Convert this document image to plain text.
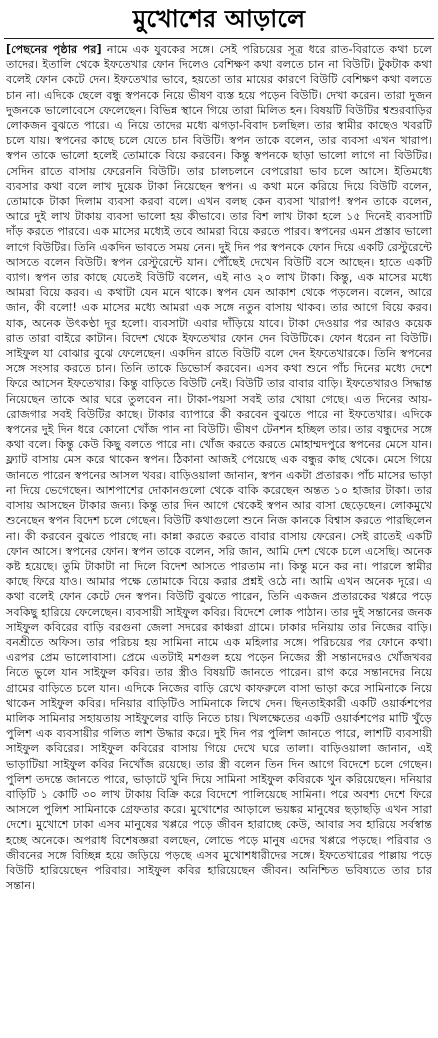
মুখোশের আড়ালে
[পেছনের পৃষ্ঠার পর] নামে এক যুবকের সঙ্গে। সেই পরিচয়ের সূত্র ধরে রাত-বিরাতে কথা চলে তাদের। ইতালি থেকে ইফতেখার ফোন দিলেও বেশিক্ষণ কথা বলতে চান না বিউটি। টুকটাক কথা বলেই ফোন কেটে দেন। ইফতেখার ভাবে, হয়তো তার মায়ের কারণে বিউটি বেশিক্ষণ কথা বলতে চান না। এদিকে ছেলে বন্ধু স্বপনকে নিয়ে ভীষণ ব্যস্ত হয়ে পড়েন বিউটি। দেখা করেন। তারা দুজন দুজনকে ভালোবেসে ফেলেছেন। বিভিন্ন স্থানে গিয়ে তারা মিলিত হন। বিষয়টি বিউটির শ্বশুরবাড়ির লোকজন বুঝতে পারে। এ নিয়ে তাদের মধ্যে ঝগড়া-বিবাদ চলছিল। তার স্বামীর কাছেও খবরটি চলে যায়। স্বপনের কাছে চলে যেতে চান বিউটি। স্বপন তাকে বলেন, তার ব্যবসা এখন খারাপ। স্বপন তাকে ভালো হলেই তোমাকে বিয়ে করবেন। কিন্তু স্বপনকে ছাড়া ভালো লাগে না বিউটির। সেদিন রাতে বাসায় ফেরেননি বিউটি। তার চালচলনে বেপরোয়া ভাব চলে আসে। ইতিমধ্যে ব্যবসার কথা বলে লাখ দুয়েক টাকা নিয়েছেন স্বপন। এ কথা মনে করিয়ে দিয়ে বিউটি বলেন, তোমাকে টাকা দিলাম ব্যবসা করবা বলে। এখন বলছ কেন ব্যবসা খারাপ! স্বপন তাকে বলেন, আরে দুই লাখ টাকায় ব্যবসা ভালো হয় কীভাবে। তার বিশ লাখ টাকা হলে ১৫ দিনেই ব্যবসাটি দাঁড় করতে পারবে। এক মাসের মধ্যেই তবে আমরা বিয়ে করতে পারব। স্বপনের এমন প্রস্তাব ভালো লাগে বিউটির। তিনি একদিন ভাবতে সময় নেন। দুই দিন পর স্বপনকে ফোন দিয়ে একটি রেস্টুরেন্টে আসতে বলেন বিউটি। স্বপন রেস্টুরেন্টে যান। পৌঁছেই দেখেন বিউটি বসে আছেন। হাতে একটি ব্যাগ। স্বপন তার কাছে যেতেই বিউটি বলেন, এই নাও ২০ লাখ টাকা। কিন্তু, এক মাসের মধ্যে আমরা বিয়ে করব। এ কথাটা যেন মনে থাকে। স্বপন যেন আকাশ থেকে পড়লেন। বলেন, আরে জান, কী বলো! এক মাসের মধ্যে আমরা এক সঙ্গে নতুন বাসায় থাকব। তার আগে বিয়ে করব। যাক, অনেক উৎকণ্ঠা দূর হলো। ব্যবসাটা এবার দাঁড়িয়ে যাবে। টাকা দেওয়ার পর আরও কয়েক রাত তারা বাইরে কাটান। বিদেশ থেকে ইফতেখার ফোন দেন বিউটিকে। ফোন ধরেন না বিউটি। সাইফুল যা বোঝার বুঝে ফেলেছেন। একদিন রাতে বিউটি বলে দেন ইফতেখারকে। তিনি স্বপনের সঙ্গে সংসার করতে চান। তিনি তাকে ডিভোর্স করবেন। এসব কথা শুনে পাঁচ দিনের মধ্যে দেশে ফিরে আসেন ইফতেখার। কিন্তু বাড়িতে বিউটি নেই। বিউটি তার বাবার বাড়ি। ইফতেখারও সিদ্ধান্ত নিয়েছেন তাকে আর ঘরে তুলবেন না। টাকা-পয়সা সবই তার খোয়া গেছে। এত দিনের আয়-রোজগার সবই বিউটির কাছে। টাকার ব্যাপারে কী করবেন বুঝতে পারে না ইফতেখার। এদিকে স্বপনের দুই দিন ধরে কোনো খোঁজ পান না বিউটি। ভীষণ টেনশন হচ্ছিল তার। তার বন্ধুদের সঙ্গে কথা বলে। কিন্তু কেউ কিছু বলতে পারে না। খোঁজ করতে করতে মোহাম্মদপুরে স্বপনের মেসে যান। ফ্ল্যাট বাসায় মেস করে থাকেন স্বপন। ঠিকানা আজই পেয়েছে এক বন্ধুর কাছ থেকে। মেসে গিয়ে জানতে পারেন স্বপনের আসল খবর। বাড়িওয়ালা জানান, স্বপন একটা প্রতারক। পাঁচ মাসের ভাড়া না দিয়ে ভেগেছেন। আশপাশের দোকানগুলো থেকে বাকি করেছেন অন্তত ১০ হাজার টাকা। তার বাসায় আসছেন টাকার জন্য। কিন্তু তার দিন আগে থেকেই স্বপন আর বাসা ছেড়েছেন। লোকমুখে শুনেছেন স্বপন বিদেশ চলে গেছেন। বিউটি কথাগুলো শুনে নিজ কানকে বিশ্বাস করতে পারছিলেন না। কী করবেন বুঝতে পারছে না। কান্না করতে করতে বাবার বাসায় ফেরেন। সেই রাতেই একটি ফোন আসে। স্বপনের ফোন। স্বপন তাকে বলেন, সরি জান, আমি দেশ থেকে চলে এসেছি। অনেক কষ্ট হয়েছে। তুমি টাকাটা না দিলে বিদেশ আসতে পারতাম না। কিন্তু মনে কর না। পারলে স্বামীর কাছে ফিরে যাও। আমার পক্ষে তোমাকে বিয়ে করার প্রশ্নই ওঠে না। আমি এখন অনেক দূরে। এ কথা বলেই ফোন কেটে দেন স্বপন। বিউটি বুঝতে পারেন, তিনি একজন প্রতারকের খপ্পরে পড়ে সবকিছু হারিয়ে ফেলেছেন। ব্যবসায়ী সাইফুল কবির। বিদেশে লোক পাঠান। তার দুই সন্তানের জনক সাইফুল কবিরের বাড়ি বরগুনা জেলা সদরের কাঞ্চরা গ্রামে। ঢাকার দনিয়ায় তার নিজের বাড়ি। বনশ্রীতে অফিস। তার পরিচয় হয় সামিনা নামে এক মহিলার সঙ্গে। পরিচয়ের পর ফোনে কথা। এরপর প্রেম ভালোবাসা। প্রেমে এতটাই মশগুল হয়ে পড়েন নিজের স্ত্রী সন্তানদেরও খোঁজখবর নিতে ভুলে যান সাইফুল কবির। তার স্ত্রীও বিষয়টি জানতে পারেন। রাগ করে সন্তানদের নিয়ে গ্রামের বাড়িতে চলে যান। এদিকে নিজের বাড়ি রেখে কাফরুলে বাসা ভাড়া করে সামিনাকে নিয়ে থাকেন সাইফুল কবির। দনিয়ার বাড়িটিও সামিনাকে লিখে দেন। ছিনতাইকারী একটি ওয়ার্কশপের মালিক সামিনার সহায়তায় সাইফুলের বাড়ি নিতে চায়। খিলক্ষেতের একটি ওয়ার্কশপের মাটি খুঁড়ে পুলিশ এক ব্যবসায়ীর গলিত লাশ উদ্ধার করে। দুই দিন পর পুলিশ জানতে পারে, লাশটি ব্যবসায়ী সাইফুল কবিরের। সাইফুল কবিরের বাসায় গিয়ে দেখে ঘরে তালা। বাড়িওয়ালা জানান, এই ভাড়াটিয়া সাইফুল কবির নিখোঁজ রয়েছে। তার স্ত্রী বলেন তিন দিন আগে বিদেশে চলে গেছেন। পুলিশ তদন্তে জানতে পারে, ভাড়াটে খুনি দিয়ে সামিনা সাইফুল কবিরকে খুন করিয়েছেন। দনিয়ার বাড়িটি ১ কোটি ৩০ লাখ টাকায় বিক্রি করে বিদেশে পালিয়েছে সামিনা। পরে অবশ্য দেশে ফিরে আসলে পুলিশ সামিনাকে গ্রেফতার করে। মুখোশের আড়ালে ভয়ঙ্কর মানুষের ছড়াছড়ি এখন সারা দেশে। মুখোশে ঢাকা এসব মানুষের খপ্পরে পড়ে জীবন হারাচ্ছে কেউ, আবার সব হারিয়ে সর্বস্বান্ত হচ্ছে অনেকে। অপরাধ বিশেষজ্ঞরা বলছেন, লোভে পড়ে মানুষ এদের খপ্পরে পড়ছে। পরিবার ও জীবনের সঙ্গে বিচ্ছিন্ন হয়ে জড়িয়ে পড়ছে এসব মুখোশধারীদের সঙ্গে। ইফতেখারের পাল্লায় পড়ে বিউটি হারিয়েছেন পরিবার। সাইফুল কবির হারিয়েছেন জীবন। অনিশ্চিত ভবিষ্যতে তার চার সন্তান।
